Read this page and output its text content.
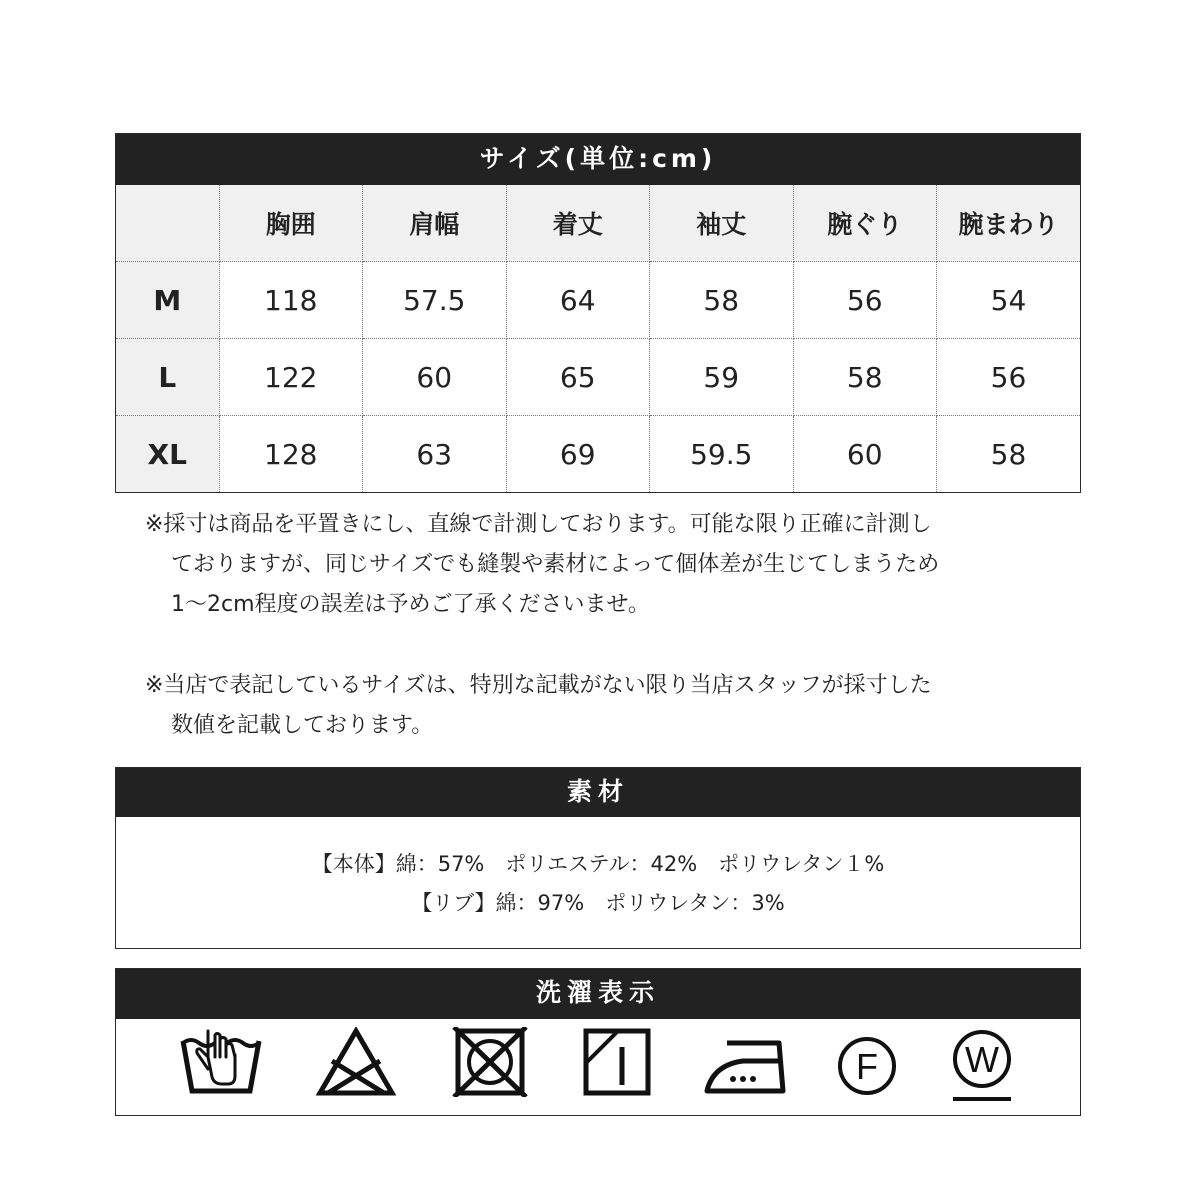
サイズ(単位:cm)
	胸囲	肩幅	着丈	袖丈	腕ぐり	腕まわり
M	118	57.5	64	58	56	54
L	122	60	65	59	58	56
XL	128	63	69	59.5	60	58

※採寸は商品を平置きにし、直線で計測しております。可能な限り正確に計測し

ておりますが、同じサイズでも縫製や素材によって個体差が生じてしまうため

1～2cm程度の誤差は予めご了承くださいませ。

※当店で表記しているサイズは、特別な記載がない限り当店スタッフが採寸した

数値を記載しております。

素材
【本体】綿：57%　ポリエステル：42%　ポリウレタン１%
【リブ】綿：97%　ポリウレタン：3%
洗濯表示
F W
